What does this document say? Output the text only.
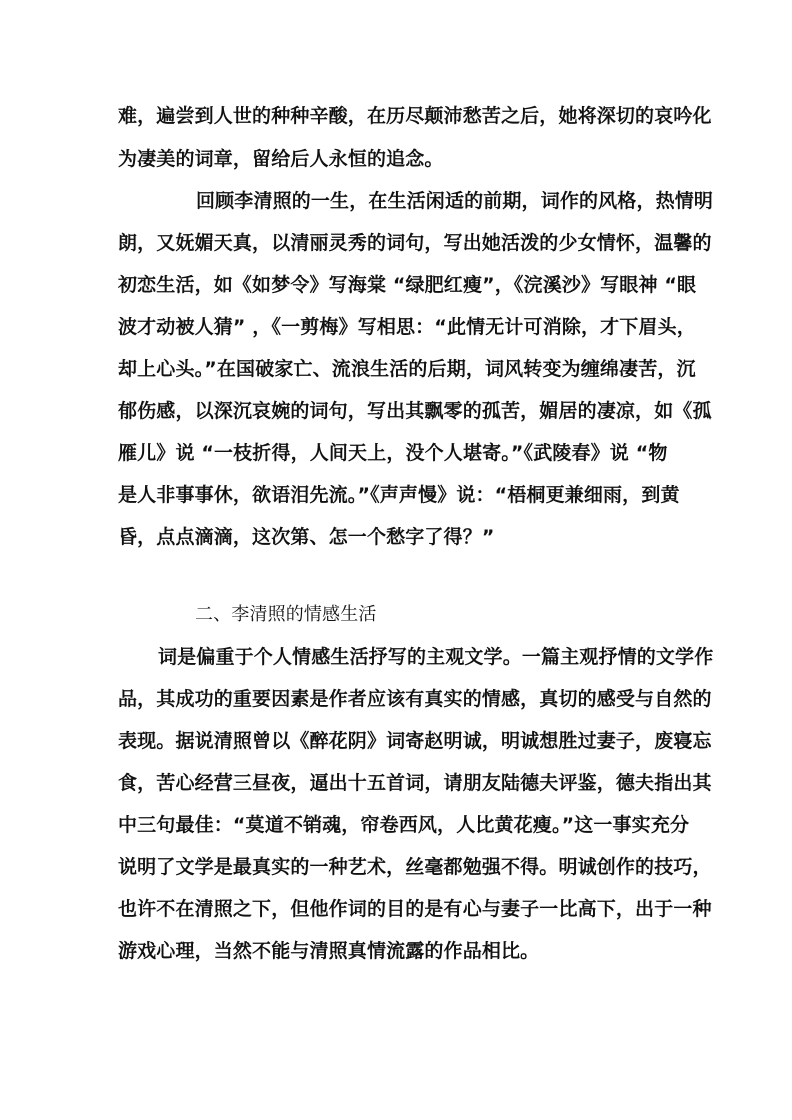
难，遍尝到人世的种种辛酸，在历尽颠沛愁苦之后，她将深切的哀吟化
为凄美的词章，留给后人永恒的追念。
回顾李清照的一生，在生活闲适的前期，词作的风格，热情明
朗，又妩媚天真，以清丽灵秀的词句，写出她活泼的少女情怀，温馨的
初恋生活，如《如梦令》写海棠 “绿肥红瘦”，《浣溪沙》写眼神 “眼
波才动被人猜” ，《一剪梅》写相思：“此情无计可消除，才下眉头，
却上心头。”在国破家亡、流浪生活的后期，词风转变为缠绵凄苦，沉
郁伤感，以深沉哀婉的词句，写出其飘零的孤苦，媚居的凄凉，如《孤
雁儿》说 “一枝折得，人间天上，没个人堪寄。”《武陵春》说 “物
是人非事事休，欲语泪先流。”《声声慢》说：“梧桐更兼细雨，到黄
昏，点点滴滴，这次第、怎一个愁字了得？”
二、李清照的情感生活
词是偏重于个人情感生活抒写的主观文学。一篇主观抒情的文学作
品，其成功的重要因素是作者应该有真实的情感，真切的感受与自然的
表现。据说清照曾以《醉花阴》词寄赵明诚，明诚想胜过妻子，废寝忘
食，苦心经营三昼夜，逼出十五首词，请朋友陆德夫评鉴，德夫指出其
中三句最佳：“莫道不销魂，帘卷西风，人比黄花瘦。”这一事实充分
说明了文学是最真实的一种艺术，丝毫都勉强不得。明诚创作的技巧，
也许不在清照之下，但他作词的目的是有心与妻子一比高下，出于一种
游戏心理，当然不能与清照真情流露的作品相比。
